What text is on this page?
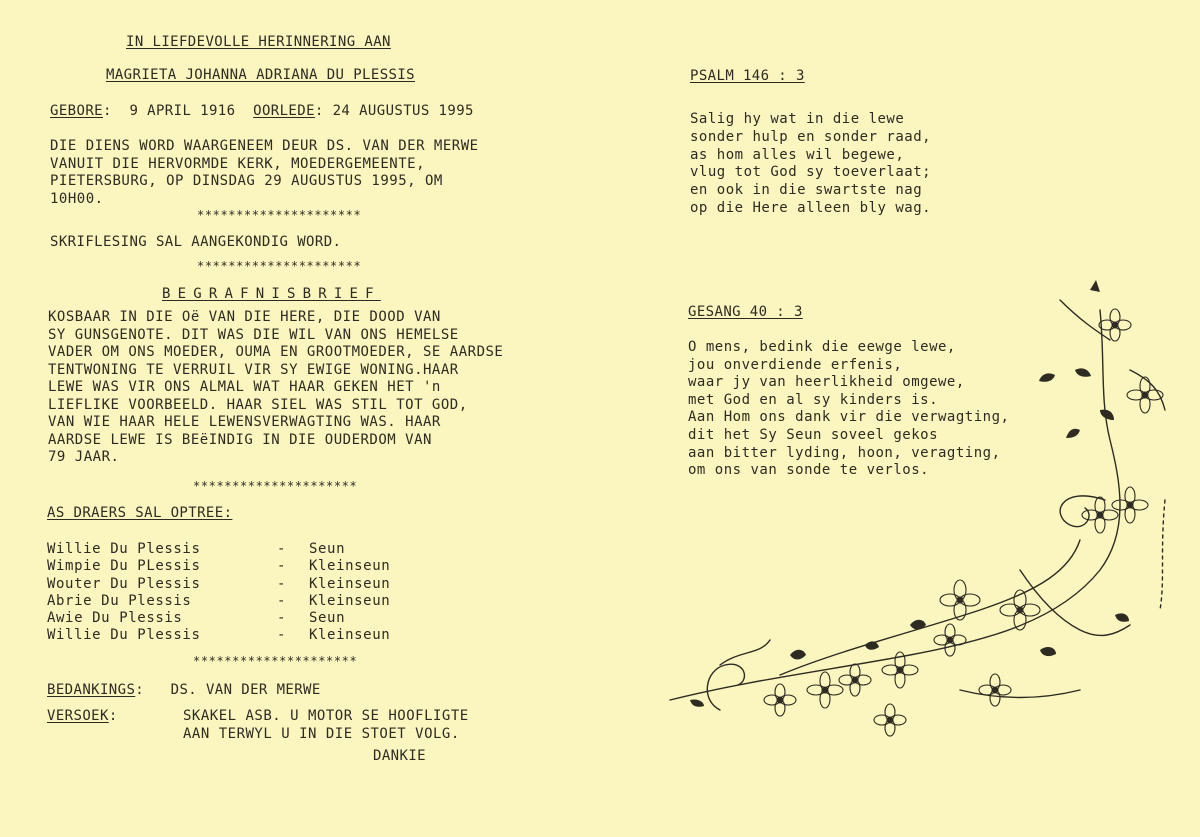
IN LIEFDEVOLLE HERINNERING AAN
MAGRIETA JOHANNA ADRIANA DU PLESSIS
GEBORE:  9 APRIL 1916 OORLEDE: 24 AUGUSTUS 1995
DIE DIENS WORD WAARGENEEM DEUR DS. VAN DER MERWE
VANUIT DIE HERVORMDE KERK, MOEDERGEMEENTE,
PIETERSBURG, OP DINSDAG 29 AUGUSTUS 1995, OM
10H00.
*********************
SKRIFLESING SAL AANGEKONDIG WORD.
*********************
BEGRAFNISBRIEF
KOSBAAR IN DIE Oë VAN DIE HERE, DIE DOOD VAN
SY GUNSGENOTE. DIT WAS DIE WIL VAN ONS HEMELSE
VADER OM ONS MOEDER, OUMA EN GROOTMOEDER, SE AARDSE
TENTWONING TE VERRUIL VIR SY EWIGE WONING.HAAR
LEWE WAS VIR ONS ALMAL WAT HAAR GEKEN HET 'n
LIEFLIKE VOORBEELD. HAAR SIEL WAS STIL TOT GOD,
VAN WIE HAAR HELE LEWENSVERWAGTING WAS. HAAR
AARDSE LEWE IS BEëINDIG IN DIE OUDERDOM VAN
79 JAAR.
*********************
AS DRAERS SAL OPTREE:
Willie Du Plessis	-	Seun
Wimpie Du PLessis	-	Kleinseun
Wouter Du Plessis	-	Kleinseun
Abrie Du Plessis	-	Kleinseun
Awie Du Plessis	-	Seun
Willie Du Plessis	-	Kleinseun
*********************
BEDANKINGS:   DS. VAN DER MERWE
VERSOEK:	SKAKEL ASB. U MOTOR SE HOOFLIGTE
AAN TERWYL U IN DIE STOET VOLG.
DANKIE
PSALM 146 : 3
Salig hy wat in die lewe
sonder hulp en sonder raad,
as hom alles wil begewe,
vlug tot God sy toeverlaat;
en ook in die swartste nag
op die Here alleen bly wag.
GESANG 40 : 3
O mens, bedink die eewge lewe,
jou onverdiende erfenis,
waar jy van heerlikheid omgewe,
met God en al sy kinders is.
Aan Hom ons dank vir die verwagting,
dit het Sy Seun soveel gekos
aan bitter lyding, hoon, veragting,
om ons van sonde te verlos.
